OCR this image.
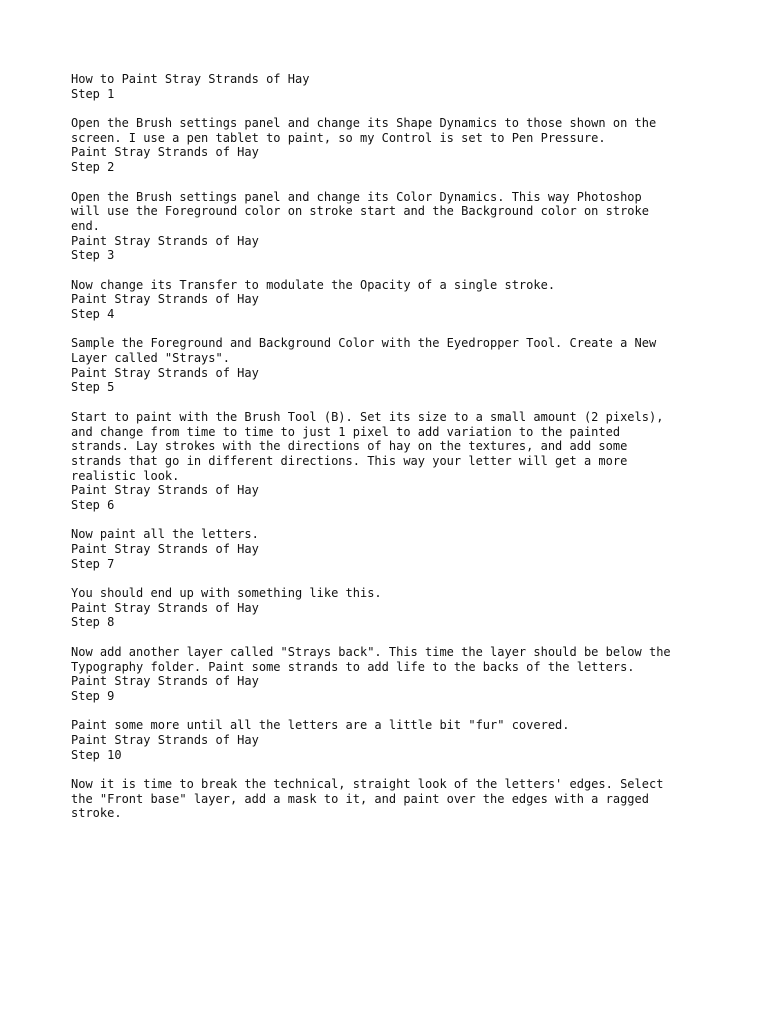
How to Paint Stray Strands of Hay
Step 1
Open the Brush settings panel and change its Shape Dynamics to those shown on the
screen. I use a pen tablet to paint, so my Control is set to Pen Pressure.
Paint Stray Strands of Hay
Step 2
Open the Brush settings panel and change its Color Dynamics. This way Photoshop
will use the Foreground color on stroke start and the Background color on stroke
end.
Paint Stray Strands of Hay
Step 3
Now change its Transfer to modulate the Opacity of a single stroke.
Paint Stray Strands of Hay
Step 4
Sample the Foreground and Background Color with the Eyedropper Tool. Create a New
Layer called "Strays".
Paint Stray Strands of Hay
Step 5
Start to paint with the Brush Tool (B). Set its size to a small amount (2 pixels),
and change from time to time to just 1 pixel to add variation to the painted
strands. Lay strokes with the directions of hay on the textures, and add some
strands that go in different directions. This way your letter will get a more
realistic look.
Paint Stray Strands of Hay
Step 6
Now paint all the letters.
Paint Stray Strands of Hay
Step 7
You should end up with something like this.
Paint Stray Strands of Hay
Step 8
Now add another layer called "Strays back". This time the layer should be below the
Typography folder. Paint some strands to add life to the backs of the letters.
Paint Stray Strands of Hay
Step 9
Paint some more until all the letters are a little bit "fur" covered.
Paint Stray Strands of Hay
Step 10
Now it is time to break the technical, straight look of the letters' edges. Select
the "Front base" layer, add a mask to it, and paint over the edges with a ragged
stroke.
